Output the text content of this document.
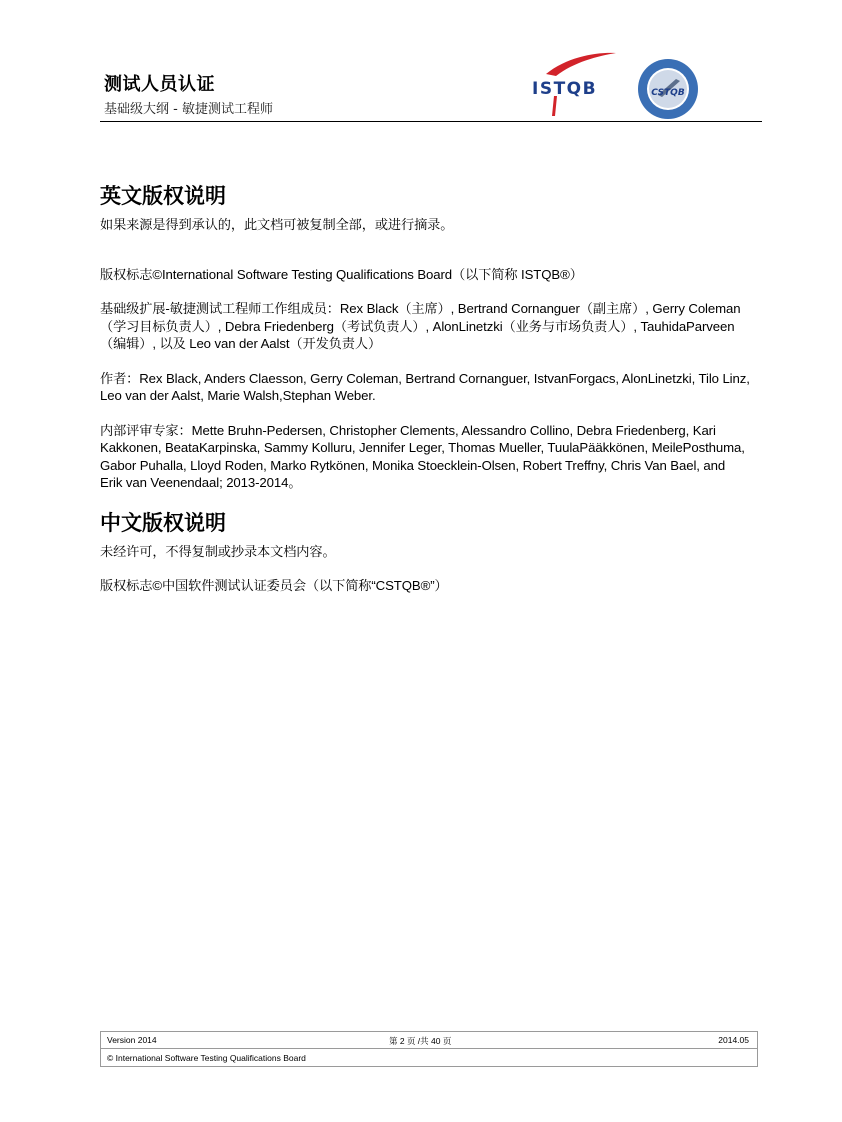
测试人员认证
基础级大纲 - 敏捷测试工程师
ISTQB	CSTQB
英文版权说明
如果来源是得到承认的，此文档可被复制全部，或进行摘录。
版权标志©International Software Testing Qualifications Board（以下简称 ISTQB®）
基础级扩展-敏捷测试工程师工作组成员：Rex Black（主席）, Bertrand Cornanguer（副主席）, Gerry Coleman（学习目标负责人）, Debra Friedenberg（考试负责人）, AlonLinetzki（业务与市场负责人）, TauhidaParveen（编辑）, 以及 Leo van der Aalst（开发负责人）
作者：Rex Black, Anders Claesson, Gerry Coleman, Bertrand Cornanguer, IstvanForgacs, AlonLinetzki, Tilo Linz, Leo van der Aalst, Marie Walsh,Stephan Weber.
内部评审专家：Mette Bruhn-Pedersen, Christopher Clements, Alessandro Collino, Debra Friedenberg, Kari Kakkonen, BeataKarpinska, Sammy Kolluru, Jennifer Leger, Thomas Mueller, TuulaPääkkönen, MeilePosthuma, Gabor Puhalla, Lloyd Roden, Marko Rytkönen, Monika Stoecklein-Olsen, Robert Treffny, Chris Van Bael, and Erik van Veenendaal; 2013-2014。
中文版权说明
未经许可，不得复制或抄录本文档内容。
版权标志©中国软件测试认证委员会（以下简称“CSTQB®”）
Version 2014	第 2 页 /共 40 页	2014.05
© International Software Testing Qualifications Board
